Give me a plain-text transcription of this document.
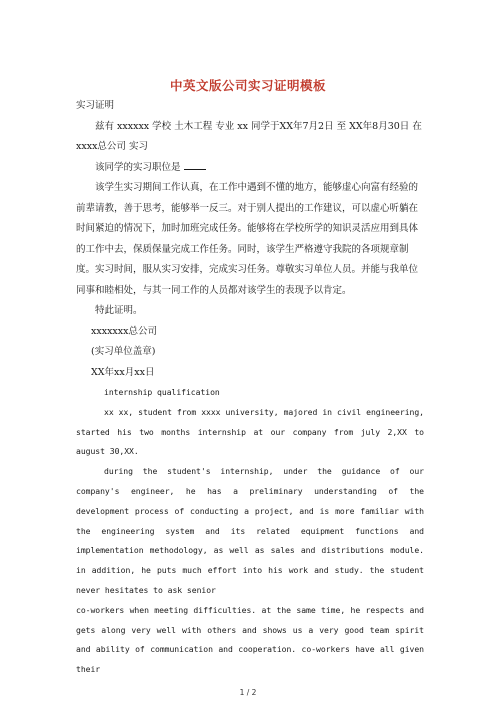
中英文版公司实习证明模板

实习证明

兹有 xxxxxx 学校 土木工程 专业 xx 同学于XX年7月2日 至 XX年8月30日 在 xxxx总公司 实习

该同学的实习职位是

该学生实习期间工作认真，在工作中遇到不懂的地方，能够虚心向富有经验的前辈请教，善于思考，能够举一反三。对于别人提出的工作建议，可以虚心听躺在时间紧迫的情况下，加时加班完成任务。能够将在学校所学的知识灵活应用到具体的工作中去，保质保量完成工作任务。同时，该学生严格遵守我院的各项规章制度。实习时间，服从实习安排，完成实习任务。尊敬实习单位人员。并能与我单位同事和睦相处，与其一同工作的人员都对该学生的表现予以肯定。

特此证明。

xxxxxxx总公司

(实习单位盖章)

XX年xx月xx日

internship qualification

xx xx, student from xxxx university, majored in civil engineering, started his two months internship at our company from july 2,XX to august 30,XX.

during the student's internship, under the guidance of our company's engineer, he has a preliminary understanding of the development process of conducting a project, and is more familiar with the engineering system and its related equipment functions and implementation methodology, as well as sales and distributions module. in addition, he puts much effort into his work and study. the student never hesitates to ask senior

co-workers when meeting difficulties. at the same time, he respects and gets along very well with others and shows us a very good team spirit and ability of communication and cooperation. co-workers have all given their

1 / 2
